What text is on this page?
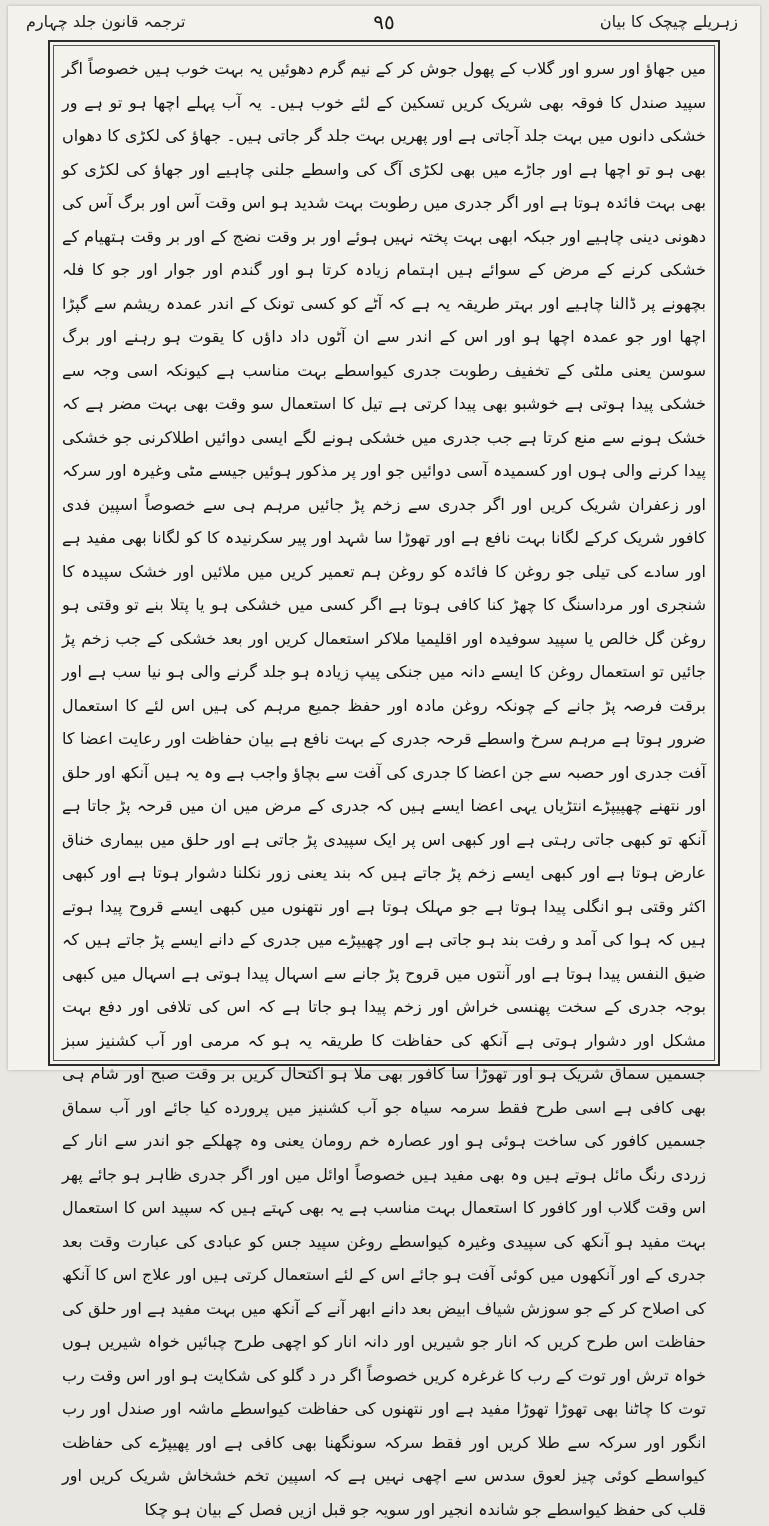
ترجمہ قانون جلد چہارم	٩٥	زہریلے چیچک کا بیان

میں جھاؤ اور سرو اور گلاب کے پھول جوش کر کے نیم گرم دھوئیں یہ بہت خوب ہیں خصوصاً اگر سپید صندل کا فوقہ بھی شریک کریں تسکین کے لئے خوب ہیں۔ یہ آب پہلے اچھا ہو تو ہے ور خشکی دانوں میں بہت جلد آجاتی ہے اور پھریں بہت جلد گر جاتی ہیں۔ جھاؤ کی لکڑی کا دھواں بھی ہو تو اچھا ہے اور جاڑے میں بھی لکڑی آگ کی واسطے جلنی چاہیے اور جھاؤ کی لکڑی کو بھی بہت فائدہ ہوتا ہے اور اگر جدری میں رطوبت بہت شدید ہو اس وقت آس اور برگ آس کی دھونی دینی چاہیے اور جبکہ ابھی بہت پختہ نہیں ہوئے اور بر وقت نضج کے اور بر وقت ہتھیام کے خشکی کرنے کے مرض کے سوائے ہیں اہتمام زیادہ کرتا ہو اور گندم اور جوار اور جو کا فلہ بچھونے پر ڈالنا چاہیے اور بہتر طریقہ یہ ہے کہ آٹے کو کسی تونک کے اندر عمدہ ریشم سے گپڑا اچھا اور جو عمدہ اچھا ہو اور اس کے اندر سے ان آٹوں داد داؤں کا یقوت ہو رہنے اور برگ سوسن یعنی ملٹی کے تخفیف رطوبت جدری کیواسطے بہت مناسب ہے کیونکہ اسی وجہ سے خشکی پیدا ہوتی ہے خوشبو بھی پیدا کرتی ہے تیل کا استعمال سو وقت بھی بہت مضر ہے کہ خشک ہونے سے منع کرتا ہے جب جدری میں خشکی ہونے لگے ایسی دوائیں اطلاکرنی جو خشکی پیدا کرنے والی ہوں اور کسمیدہ آسی دوائیں جو اور پر مذکور ہوئیں جیسے مٹی وغیرہ اور سرکہ اور زعفران شریک کریں اور اگر جدری سے زخم پڑ جائیں مرہم ہی سے خصوصاً اسپین فدی کافور شریک کرکے لگانا بہت نافع ہے اور تھوڑا سا شہد اور پیر سکرنیدہ کا کو لگانا بھی مفید ہے اور سادے کی تیلی جو روغن کا فائدہ کو روغن ہم تعمیر کریں میں ملائیں اور خشک سپیدہ کا شنجری اور مرداسنگ کا چھڑ کنا کافی ہوتا ہے اگر کسی میں خشکی ہو یا پتلا بنے تو وقتی ہو روغن گل خالص یا سپید سوفیدہ اور اقلیمیا ملاکر استعمال کریں اور بعد خشکی کے جب زخم پڑ جائیں تو استعمال روغن کا ایسے دانہ میں جنکی پیپ زیادہ ہو جلد گرنے والی ہو نیا سب ہے اور برقت فرصہ پڑ جانے کے چونکہ روغن مادہ اور حفظ جمیع مرہم کی ہیں اس لئے کا استعمال ضرور ہوتا ہے مرہم سرخ واسطے قرحہ جدری کے بہت نافع ہے بیان حفاظت اور رعایت اعضا کا آفت جدری اور حصبہ سے جن اعضا کا جدری کی آفت سے بچاؤ واجب ہے وہ یہ ہیں آنکھ اور حلق اور نتھنے چھپیپڑے انتڑیاں یہی اعضا ایسے ہیں کہ جدری کے مرض میں ان میں قرحہ پڑ جاتا ہے آنکھ تو کبھی جاتی رہتی ہے اور کبھی اس پر ایک سپیدی پڑ جاتی ہے اور حلق میں بیماری خناق عارض ہوتا ہے اور کبھی ایسے زخم پڑ جاتے ہیں کہ بند یعنی زور نکلنا دشوار ہوتا ہے اور کبھی اکثر وقتی ہو انگلی پیدا ہوتا ہے جو مہلک ہوتا ہے اور نتھنوں میں کبھی ایسے قروح پیدا ہوتے ہیں کہ ہوا کی آمد و رفت بند ہو جاتی ہے اور چھیپڑے میں جدری کے دانے ایسے پڑ جاتے ہیں کہ ضیق النفس پیدا ہوتا ہے اور آنتوں میں قروح پڑ جانے سے اسہال پیدا ہوتی ہے اسہال میں کبھی بوجہ جدری کے سخت پھنسی خراش اور زخم پیدا ہو جاتا ہے کہ اس کی تلافی اور دفع بہت مشکل اور دشوار ہوتی ہے آنکھ کی حفاظت کا طریقہ یہ ہو کہ مرمی اور آب کشنیز سبز جسمیں سماق شریک ہو اور تھوڑا سا کافور بھی ملا ہو اکتحال کریں بر وقت صبح اور شام ہی بھی کافی ہے اسی طرح فقط سرمہ سیاہ جو آب کشنیز میں پرورده کیا جائے اور آب سماق جسمیں کافور کی ساخت ہوئی ہو اور عصارہ خم رومان یعنی وہ چھلکے جو اندر سے انار کے زردی رنگ مائل ہوتے ہیں وہ بھی مفید ہیں خصوصاً اوائل میں اور اگر جدری ظاہر ہو جائے پھر اس وقت گلاب اور کافور کا استعمال بہت مناسب ہے یہ بھی کہتے ہیں کہ سپید اس کا استعمال بہت مفید ہو آنکھ کی سپیدی وغیرہ کیواسطے روغن سپید جس کو عبادی کی عبارت وقت بعد جدری کے اور آنکھوں میں کوئی آفت ہو جائے اس کے لئے استعمال کرتی ہیں اور علاج اس کا آنکھ کی اصلاح کر کے جو سوزش شیاف ابیض بعد دانے ابھر آنے کے آنکھ میں بہت مفید ہے اور حلق کی حفاظت اس طرح کریں کہ انار جو شیریں اور دانہ انار کو اچھی طرح چبائیں خواہ شیریں ہوں خواہ ترش اور توت کے رب کا غرغرہ کریں خصوصاً اگر در د گلو کی شکایت ہو اور اس وقت رب توت کا چاٹنا بھی تھوڑا تھوڑا مفید ہے اور نتھنوں کی حفاظت کیواسطے ماشہ اور صندل اور رب انگور اور سرکہ سے طلا کریں اور فقط سرکہ سونگھنا بھی کافی ہے اور پھیپڑے کی حفاظت کیواسطے کوئی چیز لعوق سدس سے اچھی نہیں ہے کہ اسپین تخم خشخاش شریک کریں اور قلب کی حفظ کیواسطے جو شاندہ انجیر اور سویہ جو قبل ازیں فصل کے بیان ہو چکا
